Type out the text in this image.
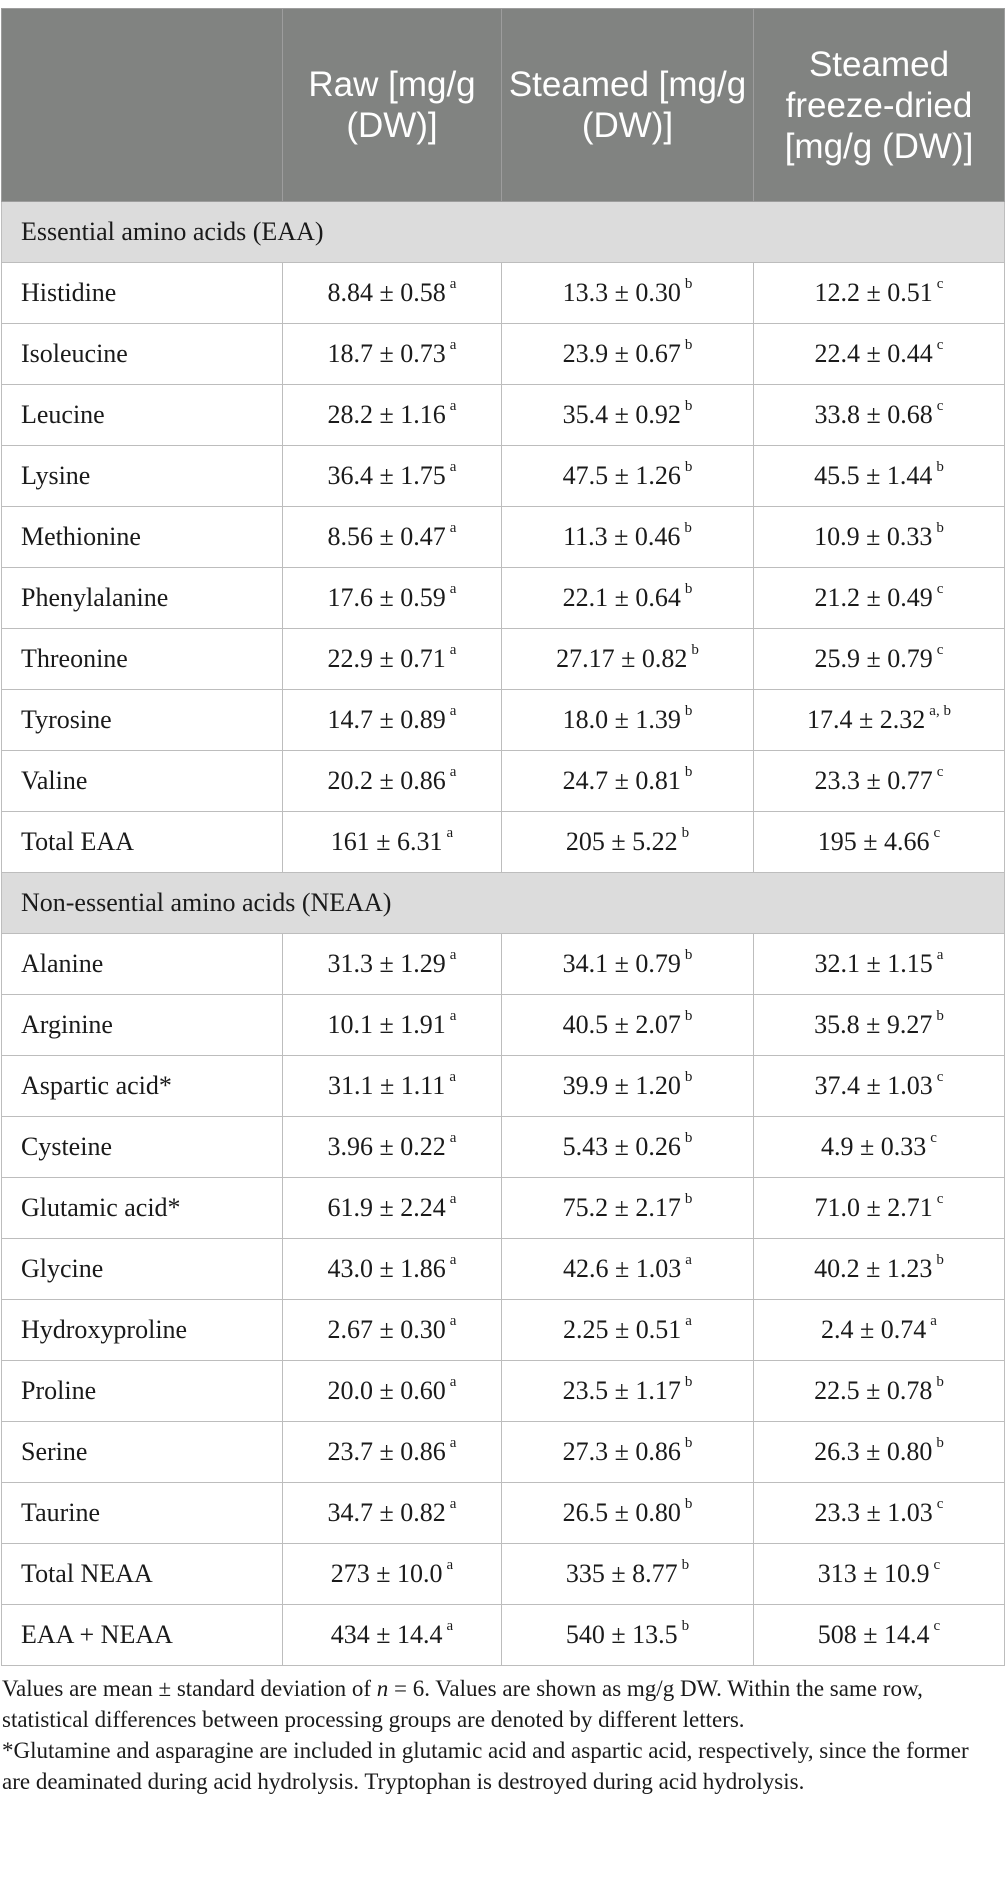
	Raw [mg/g (DW)]	Steamed [mg/g (DW)]	Steamed freeze-dried [mg/g (DW)]
Essential amino acids (EAA)			
Histidine	8.84 ± 0.58 $^a$	13.3 ± 0.30 $^b$	12.2 ± 0.51 $^c$
Isoleucine	18.7 ± 0.73 $^a$	23.9 ± 0.67 $^b$	22.4 ± 0.44 $^c$
Leucine	28.2 ± 1.16 $^a$	35.4 ± 0.92 $^b$	33.8 ± 0.68 $^c$
Lysine	36.4 ± 1.75 $^a$	47.5 ± 1.26 $^b$	45.5 ± 1.44 $^b$
Methionine	8.56 ± 0.47 $^a$	11.3 ± 0.46 $^b$	10.9 ± 0.33 $^b$
Phenylalanine	17.6 ± 0.59 $^a$	22.1 ± 0.64 $^b$	21.2 ± 0.49 $^c$
Threonine	22.9 ± 0.71 $^a$	27.17 ± 0.82 $^b$	25.9 ± 0.79 $^c$
Tyrosine	14.7 ± 0.89 $^a$	18.0 ± 1.39 $^b$	17.4 ± 2.32 $^{a, b}$
Valine	20.2 ± 0.86 $^a$	24.7 ± 0.81 $^b$	23.3 ± 0.77 $^c$
Total EAA	161 ± 6.31 $^a$	205 ± 5.22 $^b$	195 ± 4.66 $^c$
Non-essential amino acids (NEAA)			
Alanine	31.3 ± 1.29 $^a$	34.1 ± 0.79 $^b$	32.1 ± 1.15 $^a$
Arginine	10.1 ± 1.91 $^a$	40.5 ± 2.07 $^b$	35.8 ± 9.27 $^b$
Aspartic acid*	31.1 ± 1.11 $^a$	39.9 ± 1.20 $^b$	37.4 ± 1.03 $^c$
Cysteine	3.96 ± 0.22 $^a$	5.43 ± 0.26 $^b$	4.9 ± 0.33 $^c$
Glutamic acid*	61.9 ± 2.24 $^a$	75.2 ± 2.17 $^b$	71.0 ± 2.71 $^c$
Glycine	43.0 ± 1.86 $^a$	42.6 ± 1.03 $^a$	40.2 ± 1.23 $^b$
Hydroxyproline	2.67 ± 0.30 $^a$	2.25 ± 0.51 $^a$	2.4 ± 0.74 $^a$
Proline	20.0 ± 0.60 $^a$	23.5 ± 1.17 $^b$	22.5 ± 0.78 $^b$
Serine	23.7 ± 0.86 $^a$	27.3 ± 0.86 $^b$	26.3 ± 0.80 $^b$
Taurine	34.7 ± 0.82 $^a$	26.5 ± 0.80 $^b$	23.3 ± 1.03 $^c$
Total NEAA	273 ± 10.0 $^a$	335 ± 8.77 $^b$	313 ± 10.9 $^c$
EAA + NEAA	434 ± 14.4 $^a$	540 ± 13.5 $^b$	508 ± 14.4 $^c$

Values are mean ± standard deviation of n = 6. Values are shown as mg/g DW. Within the same row, statistical differences between processing groups are denoted by different letters.

*Glutamine and asparagine are included in glutamic acid and aspartic acid, respectively, since the former are deaminated during acid hydrolysis. Tryptophan is destroyed during acid hydrolysis.
